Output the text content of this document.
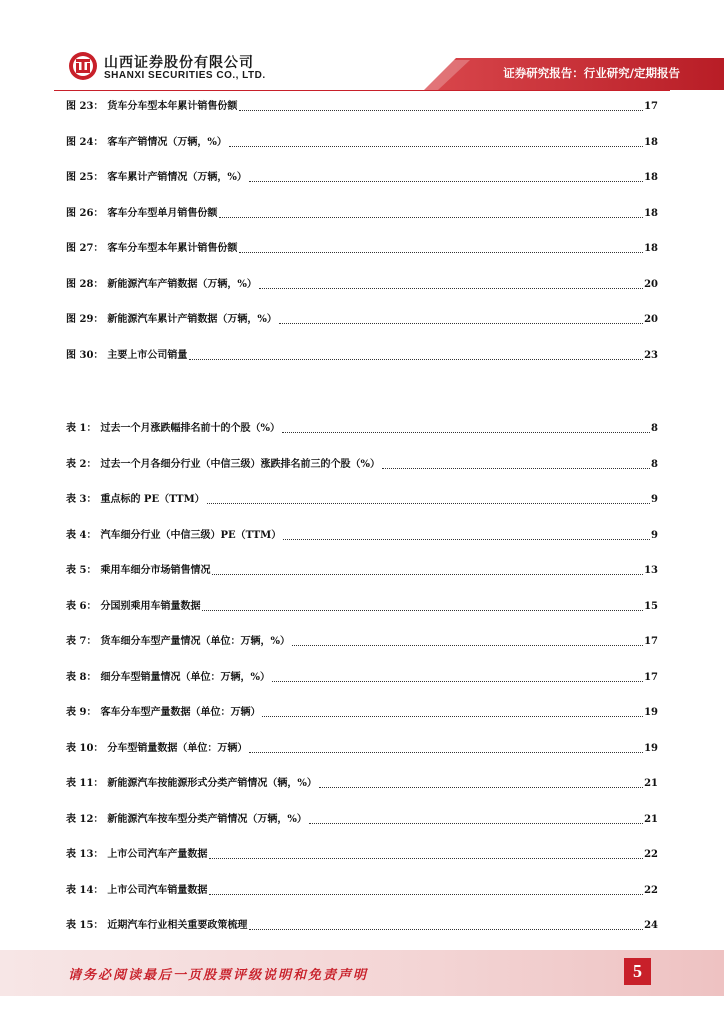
山西证券股份有限公司
SHANXI SECURITIES CO., LTD.	证券研究报告：行业研究/定期报告
图 23： 货车分车型本年累计销售份额	17
图 24： 客车产销情况（万辆，%）	18
图 25： 客车累计产销情况（万辆，%）	18
图 26： 客车分车型单月销售份额	18
图 27： 客车分车型本年累计销售份额	18
图 28： 新能源汽车产销数据（万辆，%）	20
图 29： 新能源汽车累计产销数据（万辆，%）	20
图 30： 主要上市公司销量	23
表 1： 过去一个月涨跌幅排名前十的个股（%）	8
表 2： 过去一个月各细分行业（中信三级）涨跌排名前三的个股（%）	8
表 3： 重点标的 PE（TTM）	9
表 4： 汽车细分行业（中信三级）PE（TTM）	9
表 5： 乘用车细分市场销售情况	13
表 6： 分国别乘用车销量数据	15
表 7： 货车细分车型产量情况（单位：万辆，%）	17
表 8： 细分车型销量情况（单位：万辆，%）	17
表 9： 客车分车型产量数据（单位：万辆）	19
表 10： 分车型销量数据（单位：万辆）	19
表 11： 新能源汽车按能源形式分类产销情况（辆，%）	21
表 12： 新能源汽车按车型分类产销情况（万辆，%）	21
表 13： 上市公司汽车产量数据	22
表 14： 上市公司汽车销量数据	22
表 15： 近期汽车行业相关重要政策梳理	24
请务必阅读最后一页股票评级说明和免责声明	5
